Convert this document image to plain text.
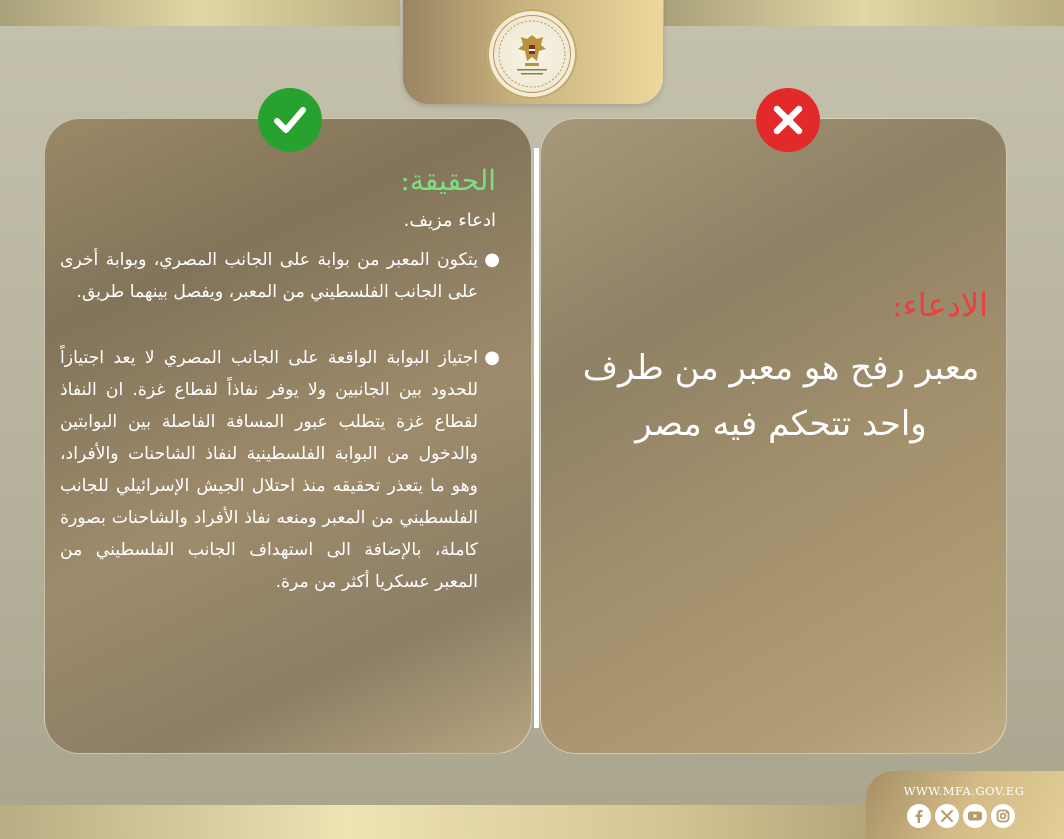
الحقيقة:
ادعاء مزيف.
●
يتكون المعبر من بوابة على الجانب المصري، وبوابة أخرى على الجانب الفلسطيني من المعبر، ويفصل بينهما طريق.
●
اجتياز البوابة الواقعة على الجانب المصري لا يعد اجتيازاً للحدود بين الجانبين ولا يوفر نفاذاً لقطاع غزة. ان النفاذ لقطاع غزة يتطلب عبور المسافة الفاصلة بين البوابتين والدخول من البوابة الفلسطينية لنفاذ الشاحنات والأفراد، وهو ما يتعذر تحقيقه منذ احتلال الجيش الإسرائيلي للجانب الفلسطيني من المعبر ومنعه نفاذ الأفراد والشاحنات بصورة كاملة، بالإضافة الى استهداف الجانب الفلسطيني من المعبر عسكريا أكثر من مرة.
الادعاء:
معبر رفح هو معبر من طرف واحد تتحكم فيه مصر
WWW.MFA.GOV.EG
